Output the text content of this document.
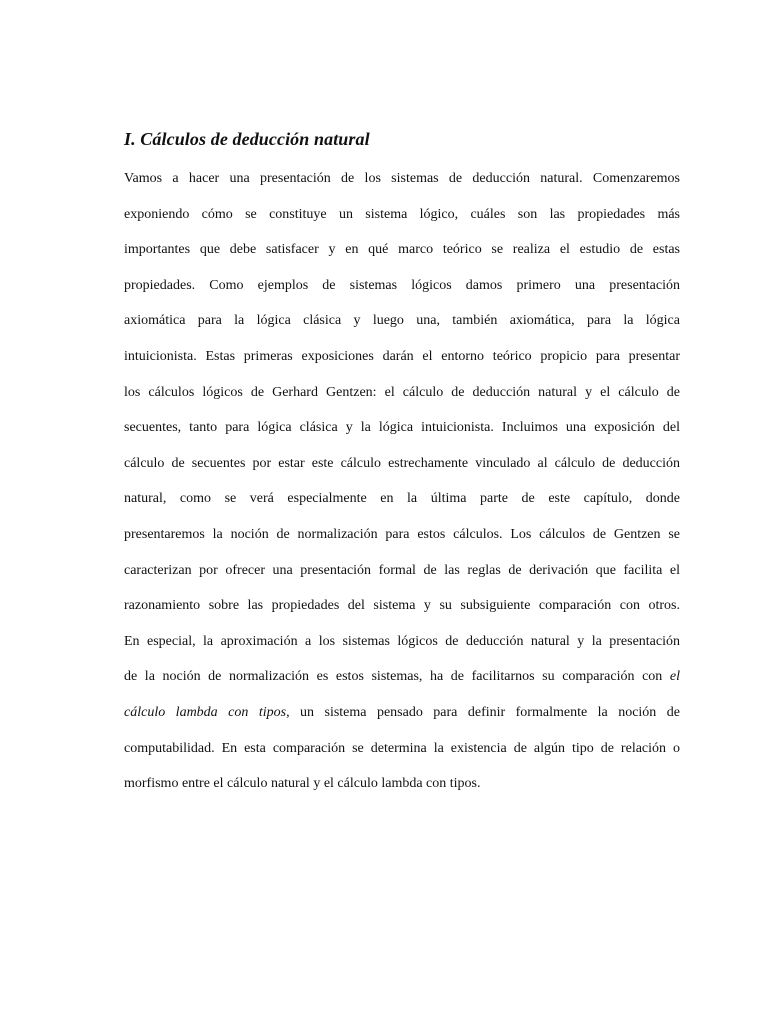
I. Cálculos de deducción natural
Vamos a hacer una presentación de los sistemas de deducción natural. Comenzaremos
exponiendo cómo se constituye un sistema lógico, cuáles son las propiedades más
importantes que debe satisfacer y en qué marco teórico se realiza el estudio de estas
propiedades. Como ejemplos de sistemas lógicos damos primero una presentación
axiomática para la lógica clásica y luego una, también axiomática, para la lógica
intuicionista. Estas primeras exposiciones darán el entorno teórico propicio para presentar
los cálculos lógicos de Gerhard Gentzen: el cálculo de deducción natural y el cálculo de
secuentes, tanto para lógica clásica y la lógica intuicionista. Incluimos una exposición del
cálculo de secuentes por estar este cálculo estrechamente vinculado al cálculo de deducción
natural, como se verá especialmente en la última parte de este capítulo, donde
presentaremos la noción de normalización para estos cálculos. Los cálculos de Gentzen se
caracterizan por ofrecer una presentación formal de las reglas de derivación que facilita el
razonamiento sobre las propiedades del sistema y su subsiguiente comparación con otros.
En especial, la aproximación a los sistemas lógicos de deducción natural y la presentación
de la noción de normalización es estos sistemas, ha de facilitarnos su comparación con el
cálculo lambda con tipos, un sistema pensado para definir formalmente la noción de
computabilidad. En esta comparación se determina la existencia de algún tipo de relación o
morfismo entre el cálculo natural y el cálculo lambda con tipos.
